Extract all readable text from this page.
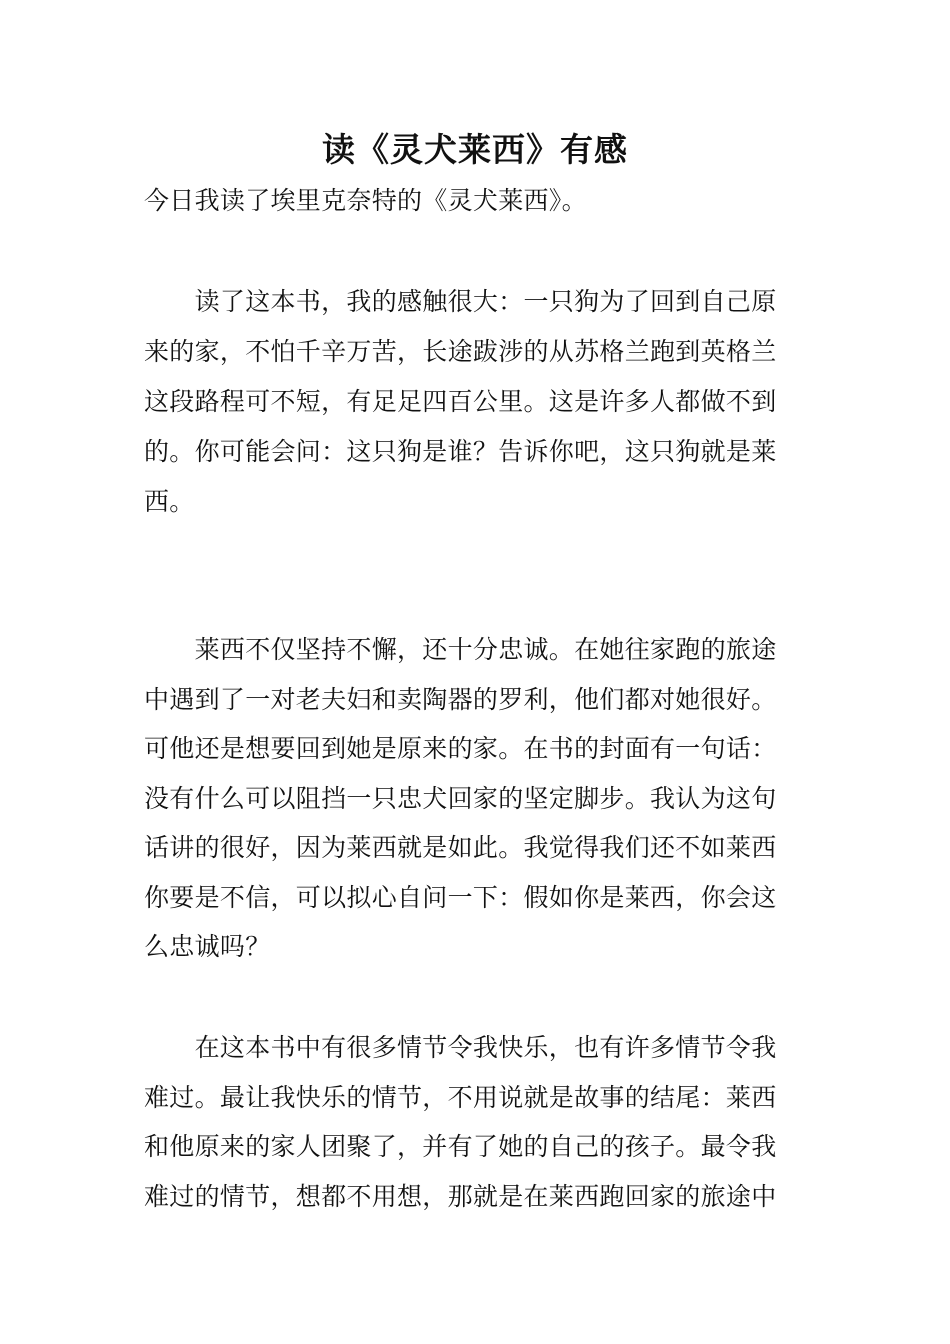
读《灵犬莱西》有感

今日我读了埃里克奈特的《灵犬莱西》。

　　读了这本书，我的感触很大：一只狗为了回到自己原

来的家，不怕千辛万苦，长途跋涉的从苏格兰跑到英格兰

这段路程可不短，有足足四百公里。这是许多人都做不到

的。你可能会问：这只狗是谁？告诉你吧，这只狗就是莱

西。

　　莱西不仅坚持不懈，还十分忠诚。在她往家跑的旅途

中遇到了一对老夫妇和卖陶器的罗利，他们都对她很好。

可他还是想要回到她是原来的家。在书的封面有一句话：

没有什么可以阻挡一只忠犬回家的坚定脚步。我认为这句

话讲的很好，因为莱西就是如此。我觉得我们还不如莱西

你要是不信，可以拟心自问一下：假如你是莱西，你会这

么忠诚吗？

　　在这本书中有很多情节令我快乐，也有许多情节令我

难过。最让我快乐的情节，不用说就是故事的结尾：莱西

和他原来的家人团聚了，并有了她的自己的孩子。最令我

难过的情节，想都不用想，那就是在莱西跑回家的旅途中
